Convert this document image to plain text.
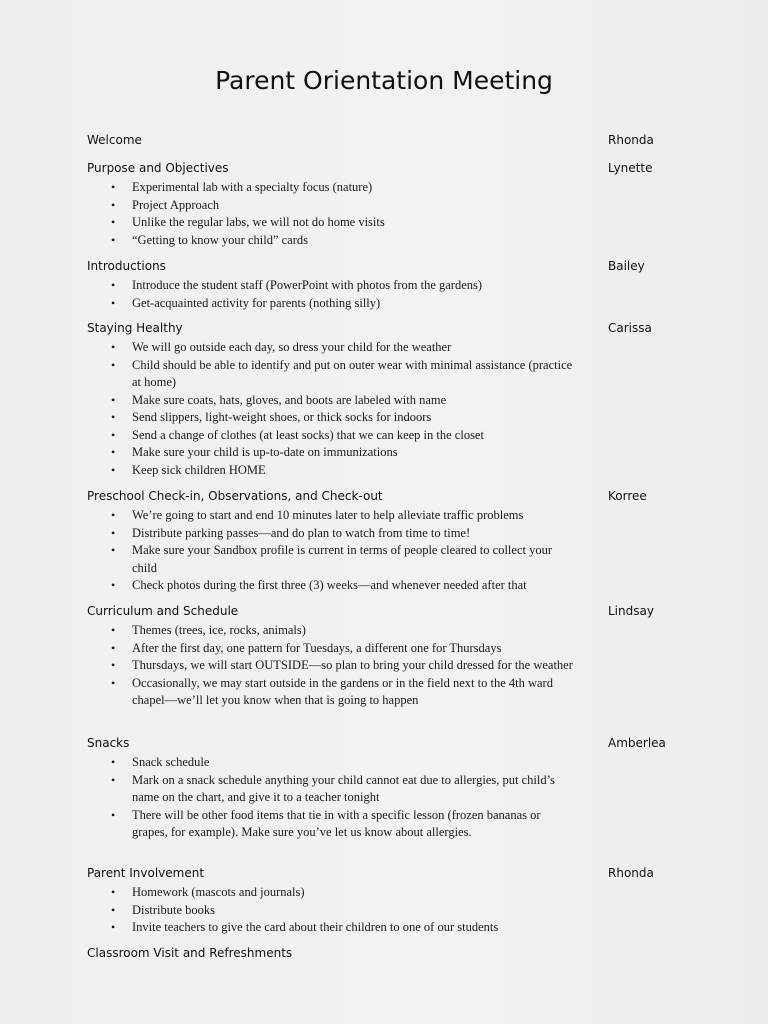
Parent Orientation Meeting
Welcome	Rhonda
Purpose and Objectives	Lynette
• Experimental lab with a specialty focus (nature)
• Project Approach
• Unlike the regular labs, we will not do home visits
• “Getting to know your child” cards
Introductions	Bailey
• Introduce the student staff (PowerPoint with photos from the gardens)
• Get-acquainted activity for parents (nothing silly)
Staying Healthy	Carissa
• We will go outside each day, so dress your child for the weather
• Child should be able to identify and put on outer wear with minimal assistance (practice at home)
• Make sure coats, hats, gloves, and boots are labeled with name
• Send slippers, light-weight shoes, or thick socks for indoors
• Send a change of clothes (at least socks) that we can keep in the closet
• Make sure your child is up-to-date on immunizations
• Keep sick children HOME
Preschool Check-in, Observations, and Check-out	Korree
• We’re going to start and end 10 minutes later to help alleviate traffic problems
• Distribute parking passes—and do plan to watch from time to time!
• Make sure your Sandbox profile is current in terms of people cleared to collect your child
• Check photos during the first three (3) weeks—and whenever needed after that
Curriculum and Schedule	Lindsay
• Themes (trees, ice, rocks, animals)
• After the first day, one pattern for Tuesdays, a different one for Thursdays
• Thursdays, we will start OUTSIDE—so plan to bring your child dressed for the weather
• Occasionally, we may start outside in the gardens or in the field next to the 4th ward chapel—we’ll let you know when that is going to happen
Snacks	Amberlea
• Snack schedule
• Mark on a snack schedule anything your child cannot eat due to allergies, put child’s name on the chart, and give it to a teacher tonight
• There will be other food items that tie in with a specific lesson (frozen bananas or grapes, for example). Make sure you’ve let us know about allergies.
Parent Involvement	Rhonda
• Homework (mascots and journals)
• Distribute books
• Invite teachers to give the card about their children to one of our students
Classroom Visit and Refreshments
